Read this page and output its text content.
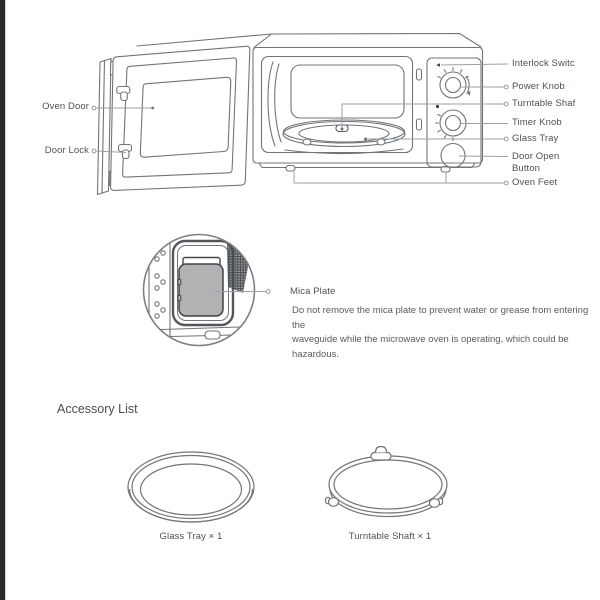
Oven Door
Door Lock
Interlock Switc
Power Knob
Turntable Shaf
Timer Knob
Glass Tray
Door Open Button
Oven Feet
Mica Plate
Do not remove the mica plate to prevent water or grease from entering the
waveguide while the microwave oven is operating, which could be
hazardous.
Accessory List
Glass Tray × 1	Turntable Shaft × 1
